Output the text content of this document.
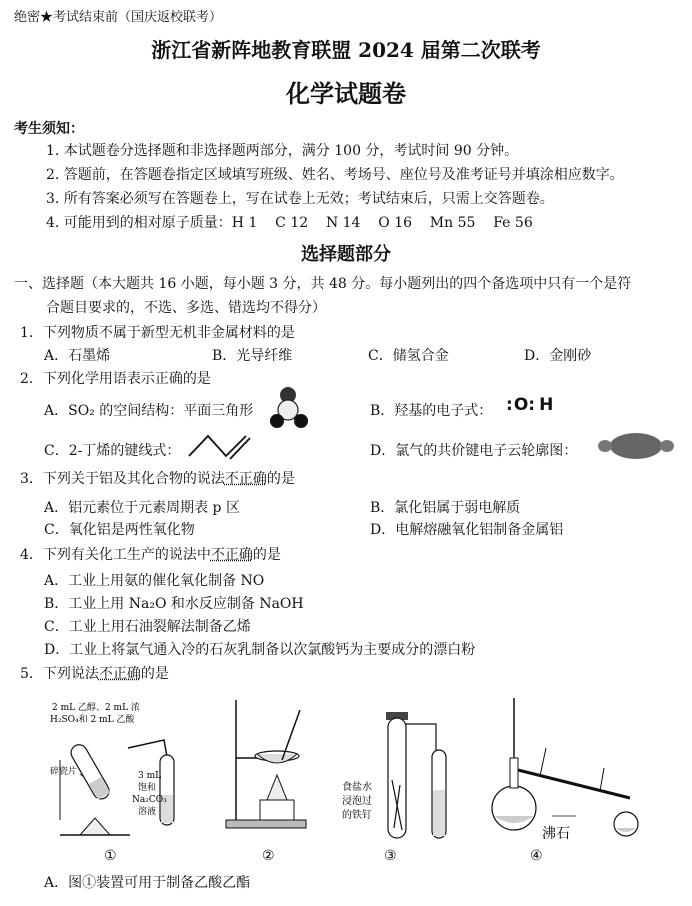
绝密★考试结束前（国庆返校联考）
浙江省新阵地教育联盟 2024 届第二次联考
化学试题卷
考生须知：
1. 本试题卷分选择题和非选择题两部分，满分 100 分，考试时间 90 分钟。
2. 答题前，在答题卷指定区域填写班级、姓名、考场号、座位号及准考证号并填涂相应数字。
3. 所有答案必须写在答题卷上，写在试卷上无效；考试结束后，只需上交答题卷。
4. 可能用到的相对原子质量：H 1    C 12    N 14    O 16    Mn 55    Fe 56
选择题部分
一、选择题（本大题共 16 小题，每小题 3 分，共 48 分。每小题列出的四个备选项中只有一个是符
合题目要求的，不选、多选、错选均不得分）
1．下列物质不属于新型无机非金属材料的是
A．石墨烯	B．光导纤维	C．储氢合金	D．金刚砂
2．下列化学用语表示正确的是
A．SO₂ 的空间结构：平面三角形	B．羟基的电子式： :O: H
C．2-丁烯的键线式：	D．氯气的共价键电子云轮廓图：
3．下列关于铝及其化合物的说法不正确的是
A．铝元素位于元素周期表 p 区	B．氯化铝属于弱电解质
C．氧化铝是两性氧化物	D．电解熔融氧化铝制备金属铝
4．下列有关化工生产的说法中不正确的是
A．工业上用氨的催化氧化制备 NO
B．工业上用 Na₂O 和水反应制备 NaOH
C．工业上用石油裂解法制备乙烯
D．工业上将氯气通入冷的石灰乳制备以次氯酸钙为主要成分的漂白粉
5．下列说法不正确的是
2 mL 乙醇、2 mL 浓
H₂SO₄和 2 mL 乙酸
碎瓷片	3 mL
饱和
Na₂CO₃
溶液
①	②
食盐水
浸泡过
的铁钉
③
沸石
④
A．图①装置可用于制备乙酸乙酯
